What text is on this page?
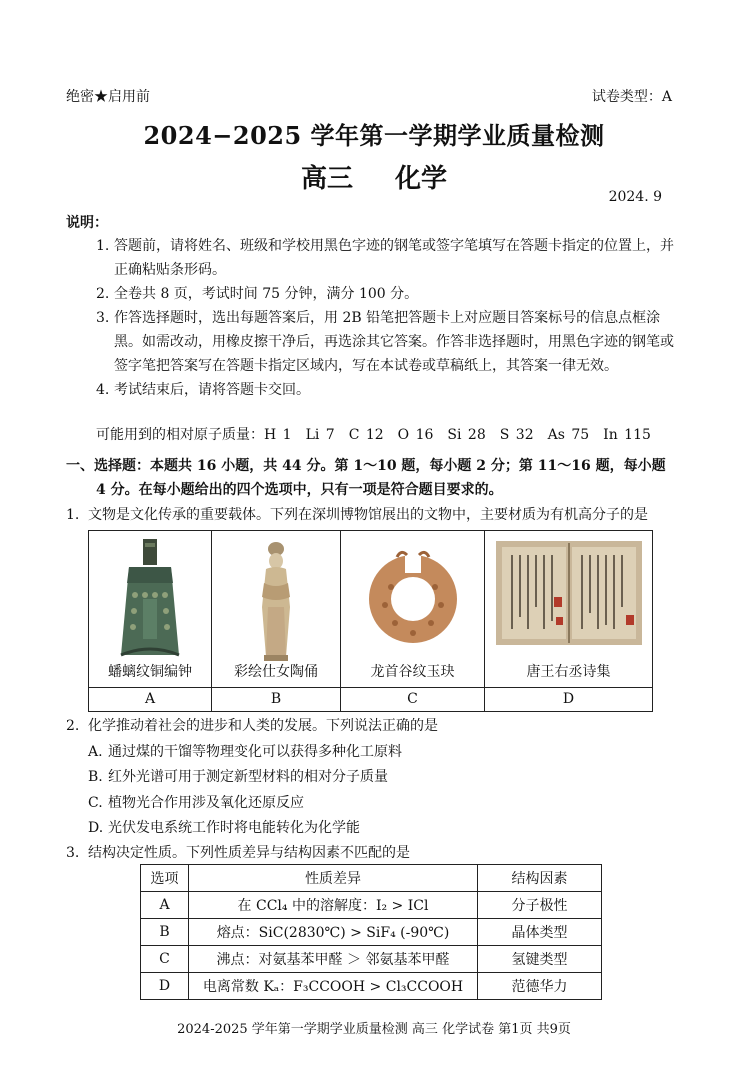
绝密★启用前	试卷类型：A
2024−2025 学年第一学期学业质量检测
高三 化学
2024. 9
说明：
1. 答题前，请将姓名、班级和学校用黑色字迹的钢笔或签字笔填写在答题卡指定的位置上，并正确粘贴条形码。
2. 全卷共 8 页，考试时间 75 分钟，满分 100 分。
3. 作答选择题时，选出每题答案后，用 2B 铅笔把答题卡上对应题目答案标号的信息点框涂黑。如需改动，用橡皮擦干净后，再选涂其它答案。作答非选择题时，用黑色字迹的钢笔或签字笔把答案写在答题卡指定区域内，写在本试卷或草稿纸上，其答案一律无效。
4. 考试结束后，请将答题卡交回。
可能用到的相对原子质量：H 1　Li 7　C 12　O 16　Si 28　S 32　As 75　In 115
一、选择题：本题共 16 小题，共 44 分。第 1～10 题，每小题 2 分；第 11～16 题，每小题
4 分。在每小题给出的四个选项中，只有一项是符合题目要求的。
1. 文物是文化传承的重要载体。下列在深圳博物馆展出的文物中，主要材质为有机高分子的是
蟠螭纹铜编钟	彩绘仕女陶俑	龙首谷纹玉玦	唐王右丞诗集

A	B	C	D
2. 化学推动着社会的进步和人类的发展。下列说法正确的是
A. 通过煤的干馏等物理变化可以获得多种化工原料
B. 红外光谱可用于测定新型材料的相对分子质量
C. 植物光合作用涉及氧化还原反应
D. 光伏发电系统工作时将电能转化为化学能
3. 结构决定性质。下列性质差异与结构因素不匹配的是
选项	性质差异	结构因素
A	在 CCl₄ 中的溶解度：I₂ > ICl	分子极性
B	熔点：SiC(2830℃) > SiF₄ (-90℃)	晶体类型
C	沸点：对氨基苯甲醛 ＞ 邻氨基苯甲醛	氢键类型
D	电离常数 Kₐ：F₃CCOOH > Cl₃CCOOH	范德华力
2024-2025 学年第一学期学业质量检测 高三 化学试卷 第1页 共9页
